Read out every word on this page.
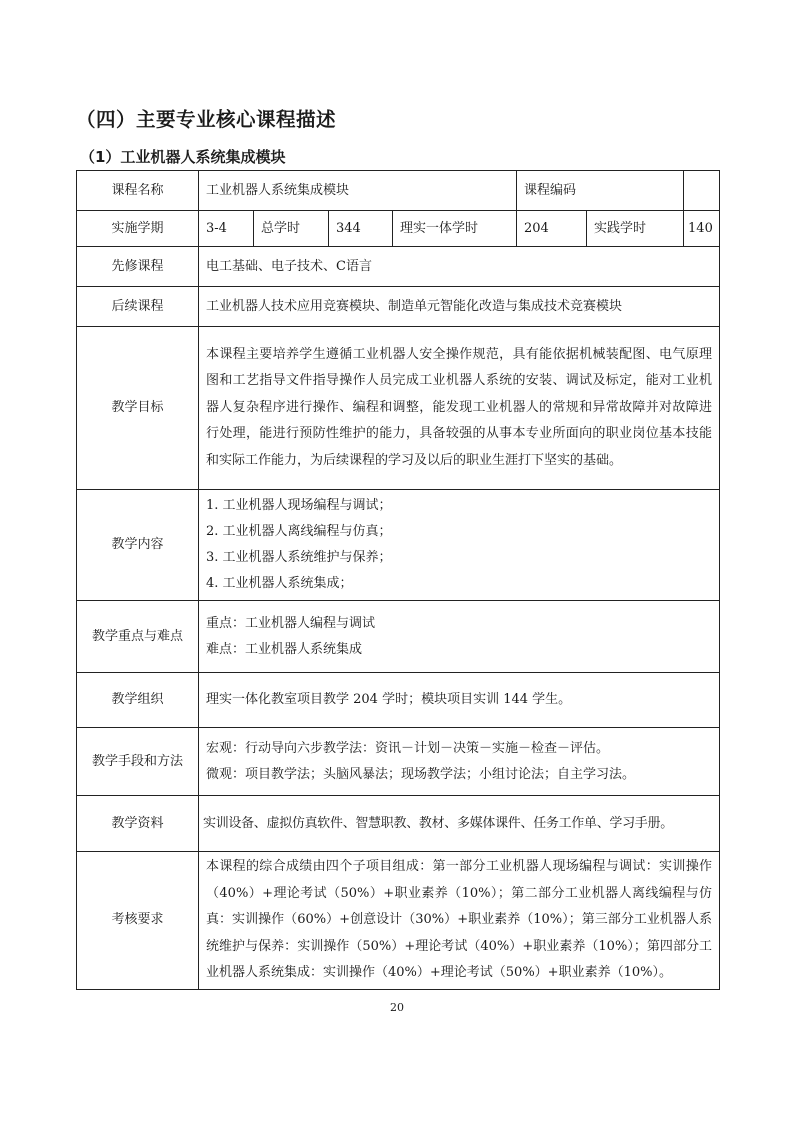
（四）主要专业核心课程描述
（1）工业机器人系统集成模块
课程名称	工业机器人系统集成模块				课程编码		
实施学期	3-4	总学时	344	理实一体学时	204	实践学时	140
先修课程	电工基础、电子技术、C语言						
后续课程	工业机器人技术应用竞赛模块、制造单元智能化改造与集成技术竞赛模块						
教学目标	本课程主要培养学生遵循工业机器人安全操作规范，具有能依据机械装配图、电气原理图和工艺指导文件指导操作人员完成工业机器人系统的安装、调试及标定，能对工业机器人复杂程序进行操作、编程和调整，能发现工业机器人的常规和异常故障并对故障进行处理，能进行预防性维护的能力，具备较强的从事本专业所面向的职业岗位基本技能和实际工作能力，为后续课程的学习及以后的职业生涯打下坚实的基础。						

教学内容	1. 工业机器人现场编程与调试；
2. 工业机器人离线编程与仿真；
3. 工业机器人系统维护与保养；
4. 工业机器人系统集成；						

教学重点与难点	重点：工业机器人编程与调试
难点：工业机器人系统集成						

教学组织	理实一体化教室项目教学 204 学时；模块项目实训 144 学生。						
教学手段和方法	宏观：行动导向六步教学法：资讯－计划－决策－实施－检查－评估。
微观：项目教学法；头脑风暴法；现场教学法；小组讨论法；自主学习法。						

教学资料	实训设备、虚拟仿真软件、智慧职教、教材、多媒体课件、任务工作单、学习手册。						
考核要求	本课程的综合成绩由四个子项目组成：第一部分工业机器人现场编程与调试：实训操作（40%）+理论考试（50%）+职业素养（10%）；第二部分工业机器人离线编程与仿真：实训操作（60%）+创意设计（30%）+职业素养（10%）；第三部分工业机器人系统维护与保养：实训操作（50%）+理论考试（40%）+职业素养（10%）；第四部分工业机器人系统集成：实训操作（40%）+理论考试（50%）+职业素养（10%）。						
20
